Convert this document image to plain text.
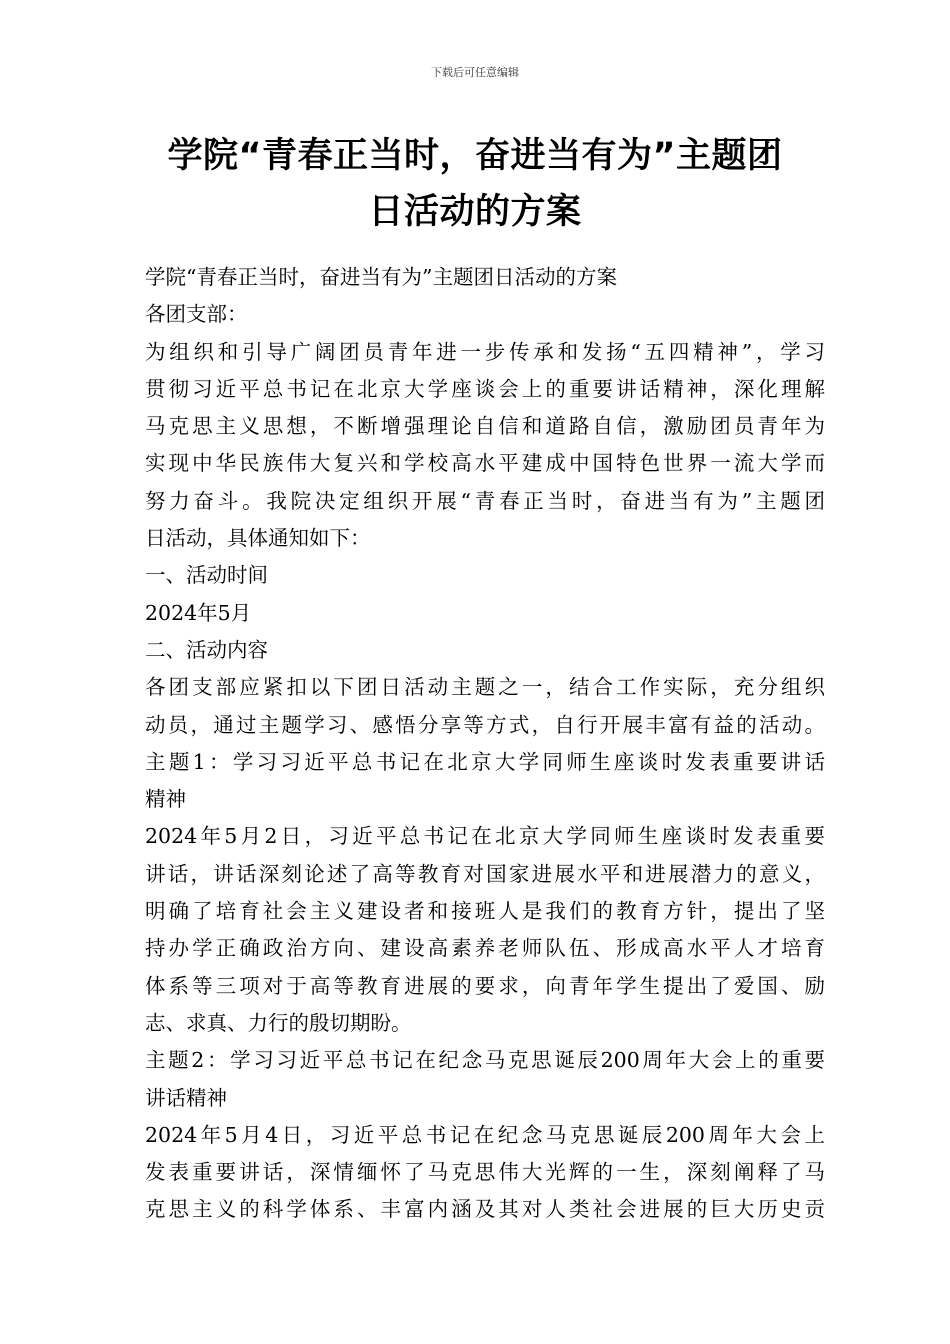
下载后可任意编辑
学院“青春正当时，奋进当有为”主题团
日活动的方案
学院“青春正当时，奋进当有为”主题团日活动的方案
各团支部：
为组织和引导广阔团员青年进一步传承和发扬“五四精神”，学习
贯彻习近平总书记在北京大学座谈会上的重要讲话精神，深化理解
马克思主义思想，不断增强理论自信和道路自信，激励团员青年为
实现中华民族伟大复兴和学校高水平建成中国特色世界一流大学而
努力奋斗。我院决定组织开展“青春正当时，奋进当有为”主题团
日活动，具体通知如下：
一、活动时间
2024年5月
二、活动内容
各团支部应紧扣以下团日活动主题之一，结合工作实际，充分组织
动员，通过主题学习、感悟分享等方式，自行开展丰富有益的活动。
主题1：学习习近平总书记在北京大学同师生座谈时发表重要讲话
精神
2024年5月2日，习近平总书记在北京大学同师生座谈时发表重要
讲话，讲话深刻论述了高等教育对国家进展水平和进展潜力的意义，
明确了培育社会主义建设者和接班人是我们的教育方针，提出了坚
持办学正确政治方向、建设高素养老师队伍、形成高水平人才培育
体系等三项对于高等教育进展的要求，向青年学生提出了爱国、励
志、求真、力行的殷切期盼。
主题2：学习习近平总书记在纪念马克思诞辰200周年大会上的重要
讲话精神
2024年5月4日，习近平总书记在纪念马克思诞辰200周年大会上
发表重要讲话，深情缅怀了马克思伟大光辉的一生，深刻阐释了马
克思主义的科学体系、丰富内涵及其对人类社会进展的巨大历史贡
